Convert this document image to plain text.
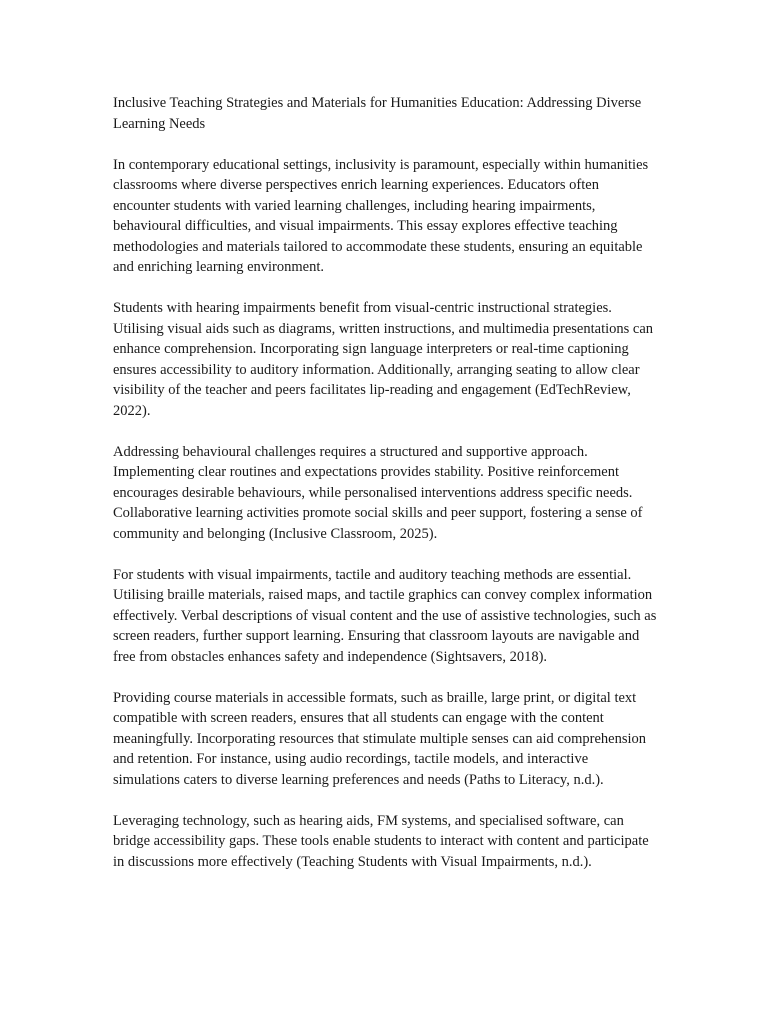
Inclusive Teaching Strategies and Materials for Humanities Education: Addressing Diverse Learning Needs

In contemporary educational settings, inclusivity is paramount, especially within humanities classrooms where diverse perspectives enrich learning experiences. Educators often encounter students with varied learning challenges, including hearing impairments, behavioural difficulties, and visual impairments. This essay explores effective teaching methodologies and materials tailored to accommodate these students, ensuring an equitable and enriching learning environment.

Students with hearing impairments benefit from visual-centric instructional strategies. Utilising visual aids such as diagrams, written instructions, and multimedia presentations can enhance comprehension. Incorporating sign language interpreters or real-time captioning ensures accessibility to auditory information. Additionally, arranging seating to allow clear visibility of the teacher and peers facilitates lip-reading and engagement (EdTechReview, 2022).

Addressing behavioural challenges requires a structured and supportive approach. Implementing clear routines and expectations provides stability. Positive reinforcement encourages desirable behaviours, while personalised interventions address specific needs. Collaborative learning activities promote social skills and peer support, fostering a sense of community and belonging (Inclusive Classroom, 2025).

For students with visual impairments, tactile and auditory teaching methods are essential. Utilising braille materials, raised maps, and tactile graphics can convey complex information effectively. Verbal descriptions of visual content and the use of assistive technologies, such as screen readers, further support learning. Ensuring that classroom layouts are navigable and free from obstacles enhances safety and independence (Sightsavers, 2018).

Providing course materials in accessible formats, such as braille, large print, or digital text compatible with screen readers, ensures that all students can engage with the content meaningfully. Incorporating resources that stimulate multiple senses can aid comprehension and retention. For instance, using audio recordings, tactile models, and interactive simulations caters to diverse learning preferences and needs (Paths to Literacy, n.d.).

Leveraging technology, such as hearing aids, FM systems, and specialised software, can bridge accessibility gaps. These tools enable students to interact with content and participate in discussions more effectively (Teaching Students with Visual Impairments, n.d.).
